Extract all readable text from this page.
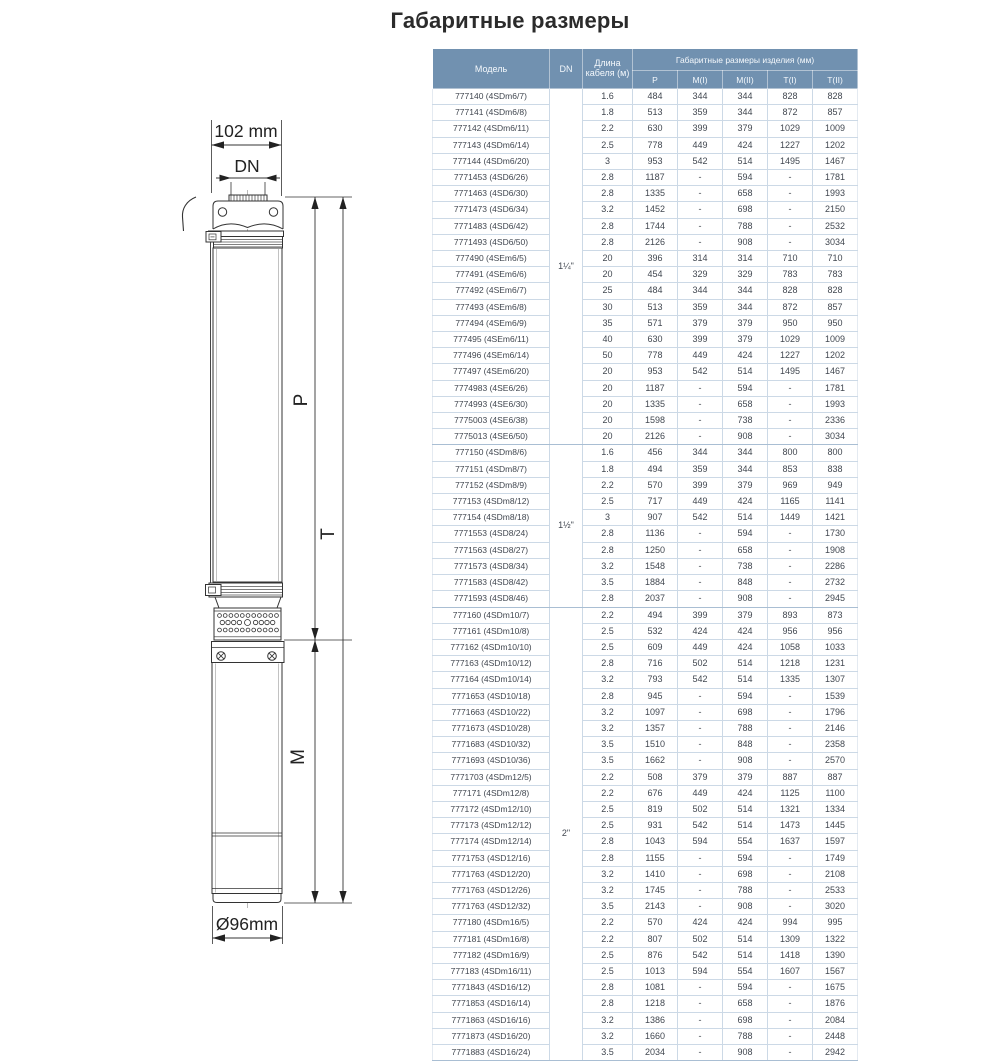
Габаритные размеры
102 mm
DN
P
T
M
Ø96mm
Модель	DN	Длина
кабеля (м)	Габаритные размеры изделия (мм)				
			P	M(I)	M(II)	T(I)	T(II)
777140 (4SDm6/7)	1¼"	1.6	484	344	344	828	828
777141 (4SDm6/8)		1.8	513	359	344	872	857
777142 (4SDm6/11)		2.2	630	399	379	1029	1009
777143 (4SDm6/14)		2.5	778	449	424	1227	1202
777144 (4SDm6/20)		3	953	542	514	1495	1467
7771453 (4SD6/26)		2.8	1187	-	594	-	1781
7771463 (4SD6/30)		2.8	1335	-	658	-	1993
7771473 (4SD6/34)		3.2	1452	-	698	-	2150
7771483 (4SD6/42)		2.8	1744	-	788	-	2532
7771493 (4SD6/50)		2.8	2126	-	908	-	3034
777490 (4SEm6/5)		20	396	314	314	710	710
777491 (4SEm6/6)		20	454	329	329	783	783
777492 (4SEm6/7)		25	484	344	344	828	828
777493 (4SEm6/8)		30	513	359	344	872	857
777494 (4SEm6/9)		35	571	379	379	950	950
777495 (4SEm6/11)		40	630	399	379	1029	1009
777496 (4SEm6/14)		50	778	449	424	1227	1202
777497 (4SEm6/20)		20	953	542	514	1495	1467
7774983 (4SE6/26)		20	1187	-	594	-	1781
7774993 (4SE6/30)		20	1335	-	658	-	1993
7775003 (4SE6/38)		20	1598	-	738	-	2336
7775013 (4SE6/50)		20	2126	-	908	-	3034
777150 (4SDm8/6)	1½"	1.6	456	344	344	800	800
777151 (4SDm8/7)		1.8	494	359	344	853	838
777152 (4SDm8/9)		2.2	570	399	379	969	949
777153 (4SDm8/12)		2.5	717	449	424	1165	1141
777154 (4SDm8/18)		3	907	542	514	1449	1421
7771553 (4SD8/24)		2.8	1136	-	594	-	1730
7771563 (4SD8/27)		2.8	1250	-	658	-	1908
7771573 (4SD8/34)		3.2	1548	-	738	-	2286
7771583 (4SD8/42)		3.5	1884	-	848	-	2732
7771593 (4SD8/46)		2.8	2037	-	908	-	2945
777160 (4SDm10/7)	2"	2.2	494	399	379	893	873
777161 (4SDm10/8)		2.5	532	424	424	956	956
777162 (4SDm10/10)		2.5	609	449	424	1058	1033
777163 (4SDm10/12)		2.8	716	502	514	1218	1231
777164 (4SDm10/14)		3.2	793	542	514	1335	1307
7771653 (4SD10/18)		2.8	945	-	594	-	1539
7771663 (4SD10/22)		3.2	1097	-	698	-	1796
7771673 (4SD10/28)		3.2	1357	-	788	-	2146
7771683 (4SD10/32)		3.5	1510	-	848	-	2358
7771693 (4SD10/36)		3.5	1662	-	908	-	2570
7771703 (4SDm12/5)		2.2	508	379	379	887	887
777171 (4SDm12/8)		2.2	676	449	424	1125	1100
777172 (4SDm12/10)		2.5	819	502	514	1321	1334
777173 (4SDm12/12)		2.5	931	542	514	1473	1445
777174 (4SDm12/14)		2.8	1043	594	554	1637	1597
7771753 (4SD12/16)		2.8	1155	-	594	-	1749
7771763 (4SD12/20)		3.2	1410	-	698	-	2108
7771763 (4SD12/26)		3.2	1745	-	788	-	2533
7771763 (4SD12/32)		3.5	2143	-	908	-	3020
777180 (4SDm16/5)		2.2	570	424	424	994	995
777181 (4SDm16/8)		2.2	807	502	514	1309	1322
777182 (4SDm16/9)		2.5	876	542	514	1418	1390
777183 (4SDm16/11)		2.5	1013	594	554	1607	1567
7771843 (4SD16/12)		2.8	1081	-	594	-	1675
7771853 (4SD16/14)		2.8	1218	-	658	-	1876
7771863 (4SD16/16)		3.2	1386	-	698	-	2084
7771873 (4SD16/20)		3.2	1660	-	788	-	2448
7771883 (4SD16/24)		3.5	2034	-	908	-	2942
